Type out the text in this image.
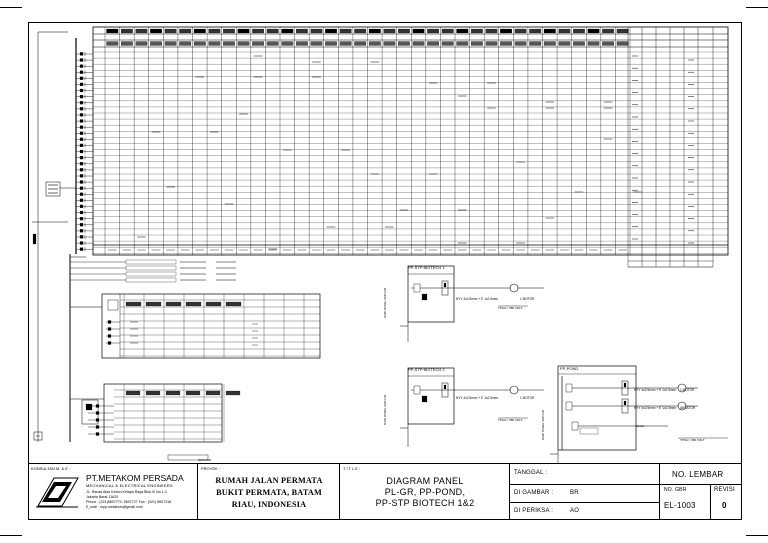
KONSULTAN M. & E :
PT.METAKOM PERSADA
MECHANICAL & ELECTRICAL ENGINEERS
JL. Ranas Atas Kebon Kelapa Raya Blok III No.1-4
Jakarta Barat 11620
Phone : (021)5607770, 5607727 Fax : (021) 5607318
E_mail : mpp.metakom@gmail.com
PROYEK :
RUMAH JALAN PERMATA
BUKIT PERMATA, BATAM
RIAU, INDONESIA
T I T L E :
DIAGRAM PANEL
PL-GR, PP-POND,
PP-STP BIOTECH 1&2
TANGGAL :
DI GAMBAR :	BR
DI PERIKSA :	AO
NO. LEMBAR
NO. GBR	REVISI
EL-1003	0
PP-STP BIOTECH 1
PP-STP BIOTECH 2	PP-POND
NYY 4x2.5mm² + E 1x2.5mm²
NYY 4x2.5mm² + E 1x2.5mm²
NYY 4x2.5mm² + E 1x2.5mm²
NYY 4x2.5mm² + E 1x2.5mm²
1 MOTOR
1 MOTOR
1 MOTOR
AERATOR
TPSA = 380 VOLT
TPSA = 380 VOLT
TPSA = 380 VOLT
DARI PANEL SDP-GR
DARI PANEL SDP-GR	DARI PANEL SDP-GR	Outlet
GROUND
